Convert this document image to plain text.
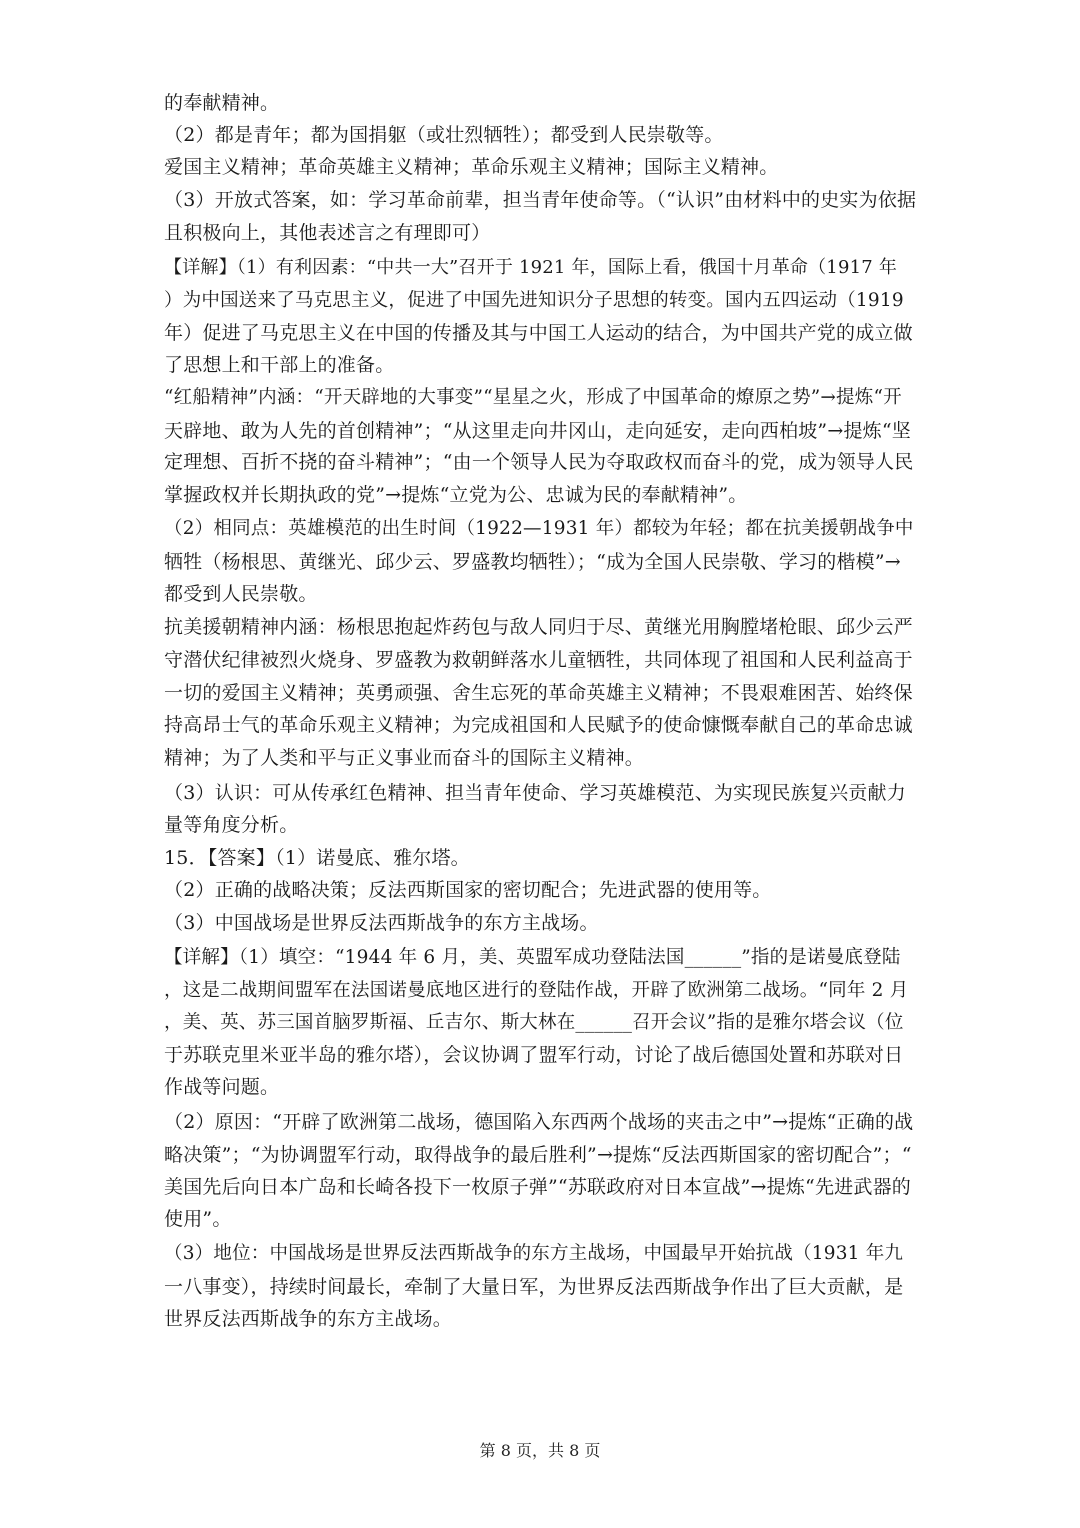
的奉献精神。
（2）都是青年；都为国捐躯（或壮烈牺牲）；都受到人民崇敬等。
爱国主义精神；革命英雄主义精神；革命乐观主义精神；国际主义精神。
（3）开放式答案，如：学习革命前辈，担当青年使命等。（“认识”由材料中的史实为依据
且积极向上，其他表述言之有理即可）
【详解】（1）有利因素：“中共一大”召开于 1921 年，国际上看，俄国十月革命（1917 年
）为中国送来了马克思主义，促进了中国先进知识分子思想的转变。国内五四运动（1919
年）促进了马克思主义在中国的传播及其与中国工人运动的结合，为中国共产党的成立做
了思想上和干部上的准备。
“红船精神”内涵：“开天辟地的大事变”“星星之火，形成了中国革命的燎原之势”→提炼“开
天辟地、敢为人先的首创精神”；“从这里走向井冈山，走向延安，走向西柏坡”→提炼“坚
定理想、百折不挠的奋斗精神”；“由一个领导人民为夺取政权而奋斗的党，成为领导人民
掌握政权并长期执政的党”→提炼“立党为公、忠诚为民的奉献精神”。
（2）相同点：英雄模范的出生时间（1922—1931 年）都较为年轻；都在抗美援朝战争中
牺牲（杨根思、黄继光、邱少云、罗盛教均牺牲）；“成为全国人民崇敬、学习的楷模”→
都受到人民崇敬。
抗美援朝精神内涵：杨根思抱起炸药包与敌人同归于尽、黄继光用胸膛堵枪眼、邱少云严
守潜伏纪律被烈火烧身、罗盛教为救朝鲜落水儿童牺牲，共同体现了祖国和人民利益高于
一切的爱国主义精神；英勇顽强、舍生忘死的革命英雄主义精神；不畏艰难困苦、始终保
持高昂士气的革命乐观主义精神；为完成祖国和人民赋予的使命慷慨奉献自己的革命忠诚
精神；为了人类和平与正义事业而奋斗的国际主义精神。
（3）认识：可从传承红色精神、担当青年使命、学习英雄模范、为实现民族复兴贡献力
量等角度分析。
15．【答案】（1）诺曼底、雅尔塔。
（2）正确的战略决策；反法西斯国家的密切配合；先进武器的使用等。
（3）中国战场是世界反法西斯战争的东方主战场。
【详解】（1）填空：“1944 年 6 月，美、英盟军成功登陆法国______”指的是诺曼底登陆
，这是二战期间盟军在法国诺曼底地区进行的登陆作战，开辟了欧洲第二战场。“同年 2 月
，美、英、苏三国首脑罗斯福、丘吉尔、斯大林在______召开会议”指的是雅尔塔会议（位
于苏联克里米亚半岛的雅尔塔），会议协调了盟军行动，讨论了战后德国处置和苏联对日
作战等问题。
（2）原因：“开辟了欧洲第二战场，德国陷入东西两个战场的夹击之中”→提炼“正确的战
略决策”；“为协调盟军行动，取得战争的最后胜利”→提炼“反法西斯国家的密切配合”；“
美国先后向日本广岛和长崎各投下一枚原子弹”“苏联政府对日本宣战”→提炼“先进武器的
使用”。
（3）地位：中国战场是世界反法西斯战争的东方主战场，中国最早开始抗战（1931 年九
一八事变），持续时间最长，牵制了大量日军，为世界反法西斯战争作出了巨大贡献，是
世界反法西斯战争的东方主战场。
第 8 页，共 8 页
